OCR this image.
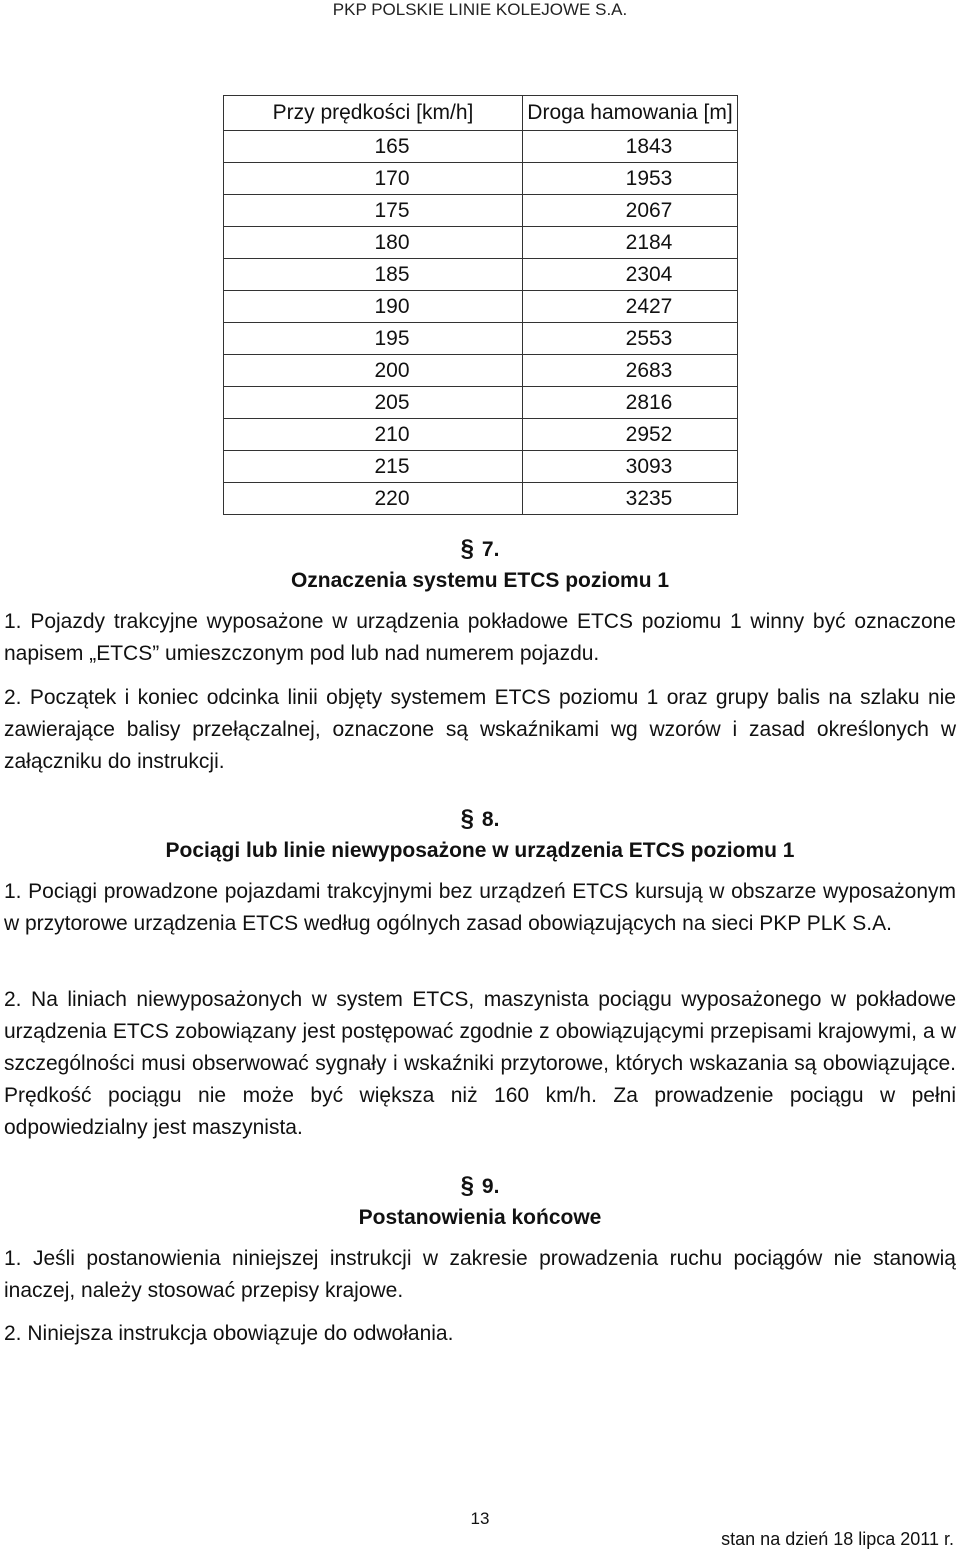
PKP POLSKIE LINIE KOLEJOWE S.A.
Przy prędkości [km/h]	Droga hamowania [m]
165	1843
170	1953
175	2067
180	2184
185	2304
190	2427
195	2553
200	2683
205	2816
210	2952
215	3093
220	3235
§ 7.
Oznaczenia systemu ETCS poziomu 1
1. Pojazdy trakcyjne wyposażone w urządzenia pokładowe ETCS poziomu 1 winny być oznaczone napisem „ETCS” umieszczonym pod lub nad numerem pojazdu.
2. Początek i koniec odcinka linii objęty systemem ETCS poziomu 1 oraz grupy balis na szlaku nie zawierające balisy przełączalnej, oznaczone są wskaźnikami wg wzorów i zasad określonych w załączniku do instrukcji.
§ 8.
Pociągi lub linie niewyposażone w urządzenia ETCS poziomu 1
1. Pociągi prowadzone pojazdami trakcyjnymi bez urządzeń ETCS kursują w obszarze wyposażonym w przytorowe urządzenia ETCS według ogólnych zasad obowiązujących na sieci PKP PLK S.A.
2. Na liniach niewyposażonych w system ETCS, maszynista pociągu wyposażonego w pokładowe urządzenia ETCS zobowiązany jest postępować zgodnie z obowiązującymi przepisami krajowymi, a w szczególności musi obserwować sygnały i wskaźniki przytorowe, których wskazania są obowiązujące. Prędkość pociągu nie może być większa niż 160 km/h. Za prowadzenie pociągu w pełni odpowiedzialny jest maszynista.
§ 9.
Postanowienia końcowe
1. Jeśli postanowienia niniejszej instrukcji w zakresie prowadzenia ruchu pociągów nie stanowią inaczej, należy stosować przepisy krajowe.
2. Niniejsza instrukcja obowiązuje do odwołania.
13
stan na dzień 18 lipca 2011 r.
